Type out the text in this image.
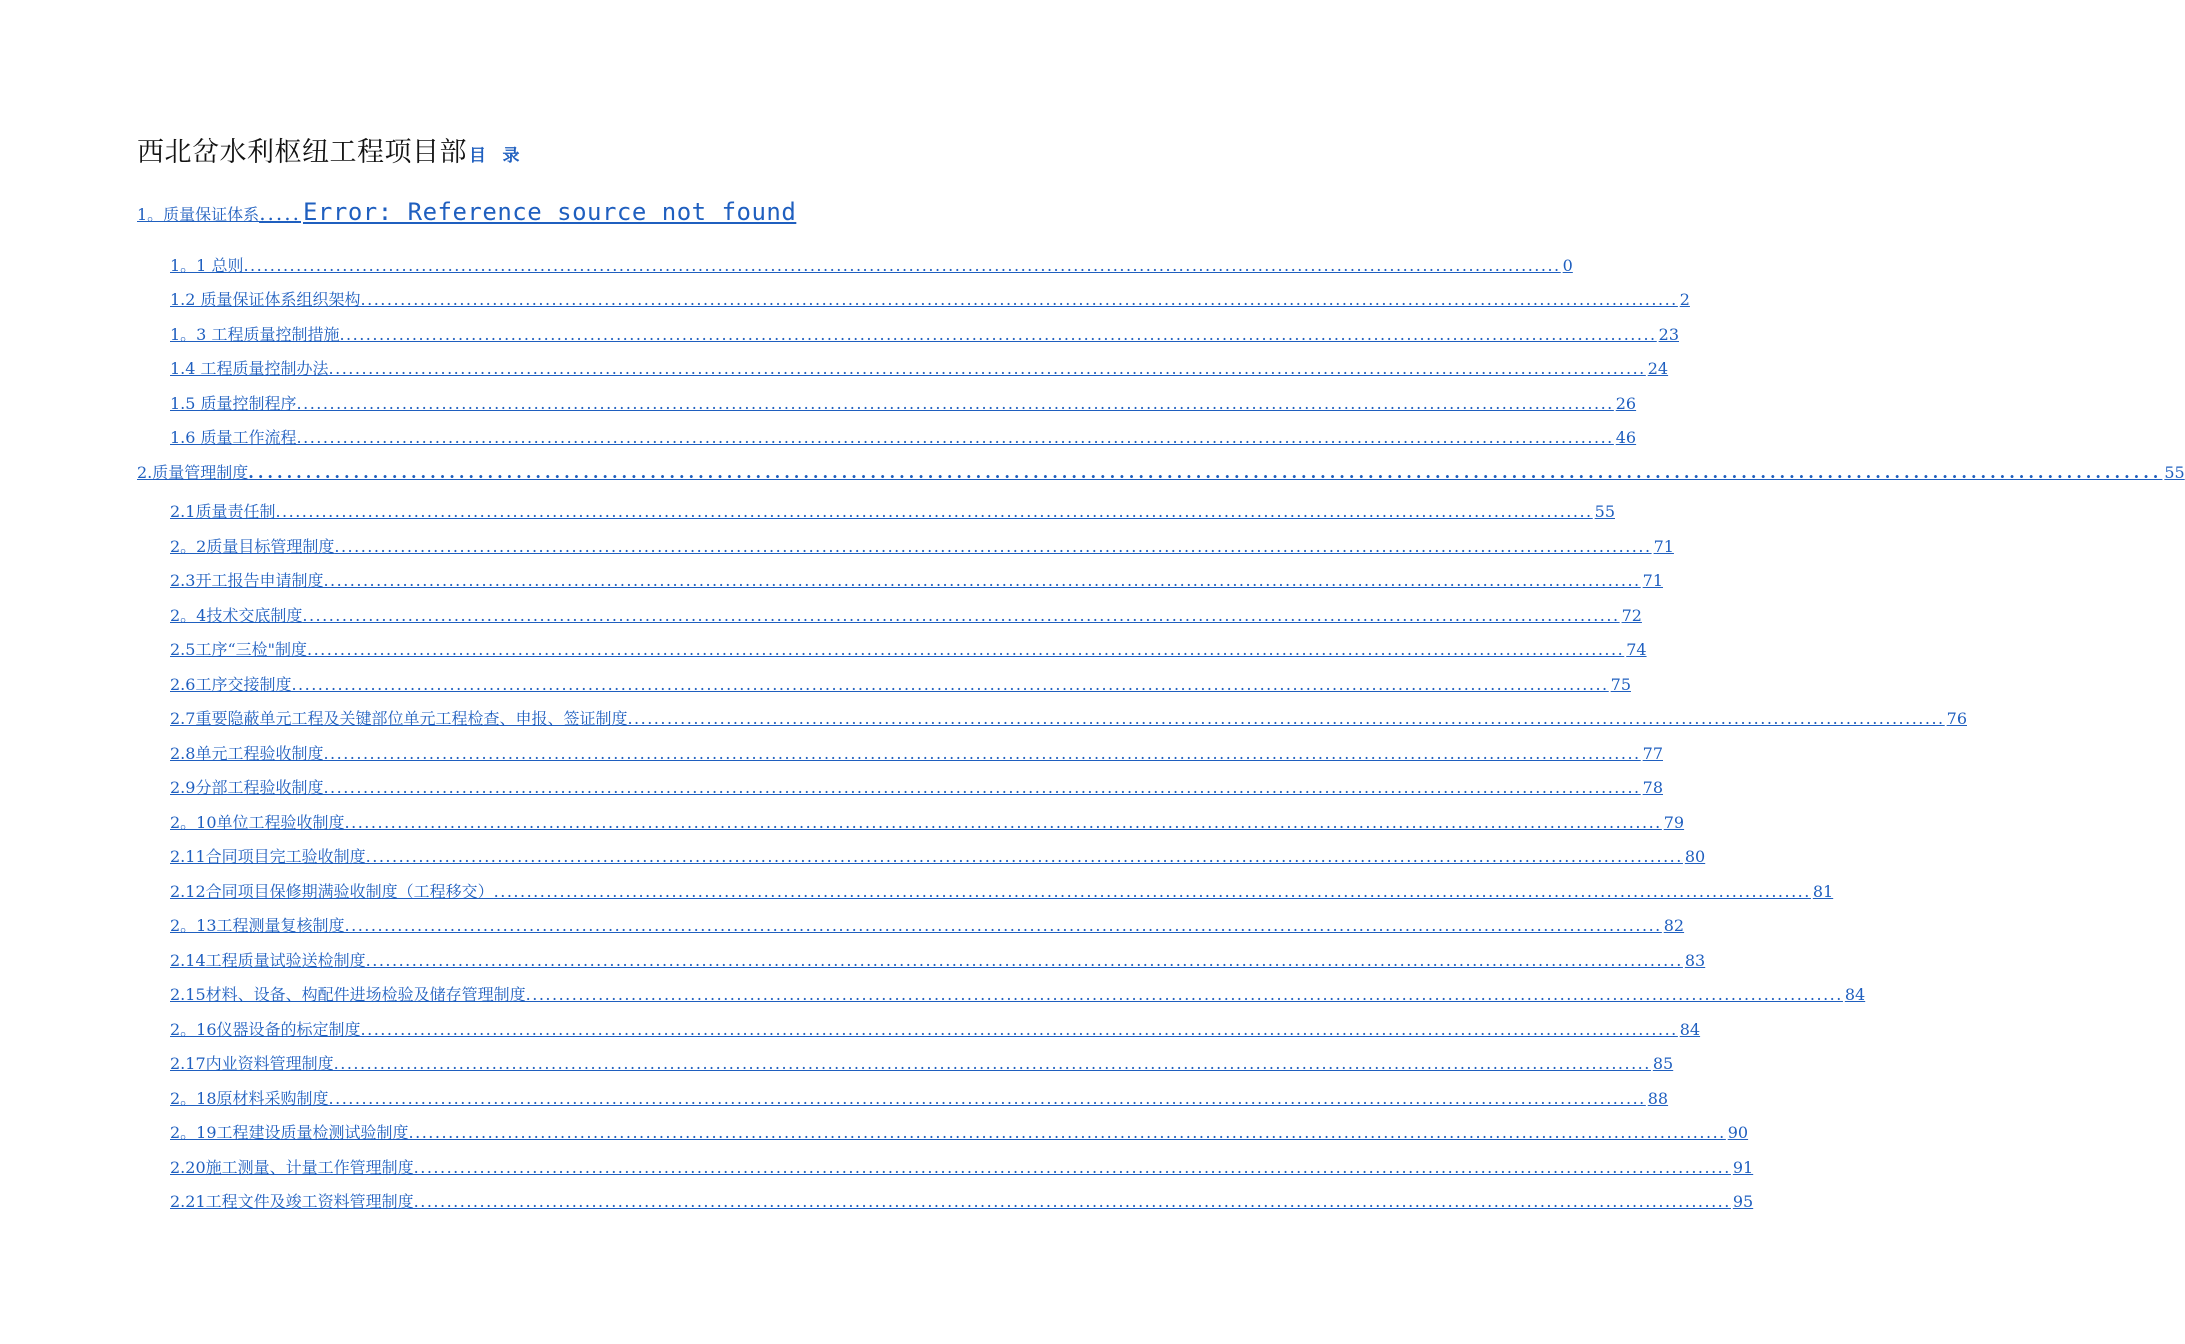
西北岔水利枢纽工程项目部 目 录
1。质量保证体系 ..... Error: Reference source not found
1。1 总则 ........................................................................................................................................................................................................ 0
1.2 质量保证体系组织架构 ........................................................................................................................................................................................................ 2
1。3 工程质量控制措施 ........................................................................................................................................................................................................ 23
1.4 工程质量控制办法 ........................................................................................................................................................................................................ 24
1.5 质量控制程序 ........................................................................................................................................................................................................ 26
1.6 质量工作流程 ........................................................................................................................................................................................................ 46
2.质量管理制度 ........................................................................................................................................................................................................ 55
2.1质量责任制 ........................................................................................................................................................................................................ 55
2。2质量目标管理制度 ........................................................................................................................................................................................................ 71
2.3开工报告申请制度 ........................................................................................................................................................................................................ 71
2。4技术交底制度 ........................................................................................................................................................................................................ 72
2.5工序“三检"制度 ........................................................................................................................................................................................................ 74
2.6工序交接制度 ........................................................................................................................................................................................................ 75
2.7重要隐蔽单元工程及关键部位单元工程检查、申报、签证制度 ........................................................................................................................................................................................................ 76
2.8单元工程验收制度 ........................................................................................................................................................................................................ 77
2.9分部工程验收制度 ........................................................................................................................................................................................................ 78
2。10单位工程验收制度 ........................................................................................................................................................................................................ 79
2.11合同项目完工验收制度 ........................................................................................................................................................................................................ 80
2.12合同项目保修期满验收制度（工程移交） ........................................................................................................................................................................................................ 81
2。13工程测量复核制度 ........................................................................................................................................................................................................ 82
2.14工程质量试验送检制度 ........................................................................................................................................................................................................ 83
2.15材料、设备、构配件进场检验及储存管理制度 ........................................................................................................................................................................................................ 84
2。16仪器设备的标定制度 ........................................................................................................................................................................................................ 84
2.17内业资料管理制度 ........................................................................................................................................................................................................ 85
2。18原材料采购制度 ........................................................................................................................................................................................................ 88
2。19工程建设质量检测试验制度 ........................................................................................................................................................................................................ 90
2.20施工测量、计量工作管理制度 ........................................................................................................................................................................................................ 91
2.21工程文件及竣工资料管理制度 ........................................................................................................................................................................................................ 95
